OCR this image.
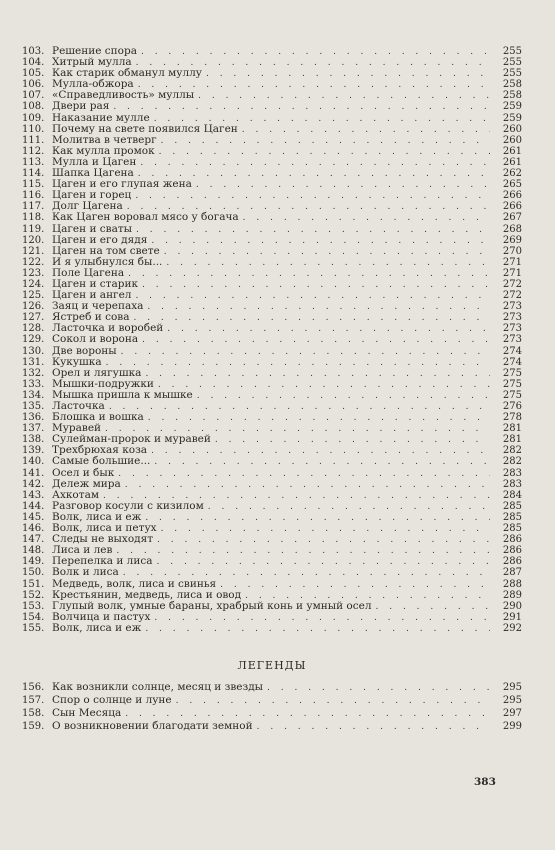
103. Решение спора . . .	255
104. Хитрый мулла . . .	255
105. Как старик обманул муллу . . .	255
106. Мулла-обжора . . .	258
107. «Справедливость» муллы . . .	258
108. Двери рая . . .	259
109. Наказание мулле . . .	259
110. Почему на свете появился Цаген . . .	260
111. Молитва в четверг . . .	260
112. Как мулла промок . . .	261
113. Мулла и Цаген . . .	261
114. Шапка Цагена . . .	262
115. Цаген и его глупая жена . . .	265
116. Цаген и горец . . .	266
117. Долг Цагена . . .	266
118. Как Цаген воровал мясо у богача . . .	267
119. Цаген и сваты . . .	268
120. Цаген и его дядя . . .	269
121. Цаген на том свете . . .	270
122. И я улыбнулся бы... . . .	271
123. Поле Цагена . . .	271
124. Цаген и старик . . .	272
125. Цаген и ангел . . .	272
126. Заяц и черепаха . . .	273
127. Ястреб и сова . . .	273
128. Ласточка и воробей . . .	273
129. Сокол и ворона . . .	273
130. Две вороны . . .	274
131. Кукушка . . .	274
132. Орел и лягушка . . .	275
133. Мышки-подружки . . .	275
134. Мышка пришла к мышке . . .	275
135. Ласточка . . .	276
136. Блошка и вошка . . .	278
137. Муравей . . .	281
138. Сулейман-пророк и муравей . . .	281
139. Трехбрюхая коза . . .	282
140. Самые большие... . . .	282
141. Осел и бык . . .	283
142. Дележ мира . . .	283
143. Ахкотам . . .	284
144. Разговор косули с кизилом . . .	285
145. Волк, лиса и еж . . .	285
146. Волк, лиса и петух . . .	285
147. Следы не выходят . . .	286
148. Лиса и лев . . .	286
149. Перепелка и лиса . . .	286
150. Волк и лиса . . .	287
151. Медведь, волк, лиса и свинья . . .	288
152. Крестьянин, медведь, лиса и овод . . .	289
153. Глупый волк, умные бараны, храбрый конь и умный осел . . .	290
154. Волчица и пастух . . .	291
155. Волк, лиса и еж . . .	292
ЛЕГЕНДЫ
156. Как возникли солнце, месяц и звезды . . .	295
157. Спор о солнце и луне . . .	295
158. Сын Месяца . . .	297
159. О возникновении благодати земной . . .	299
383
